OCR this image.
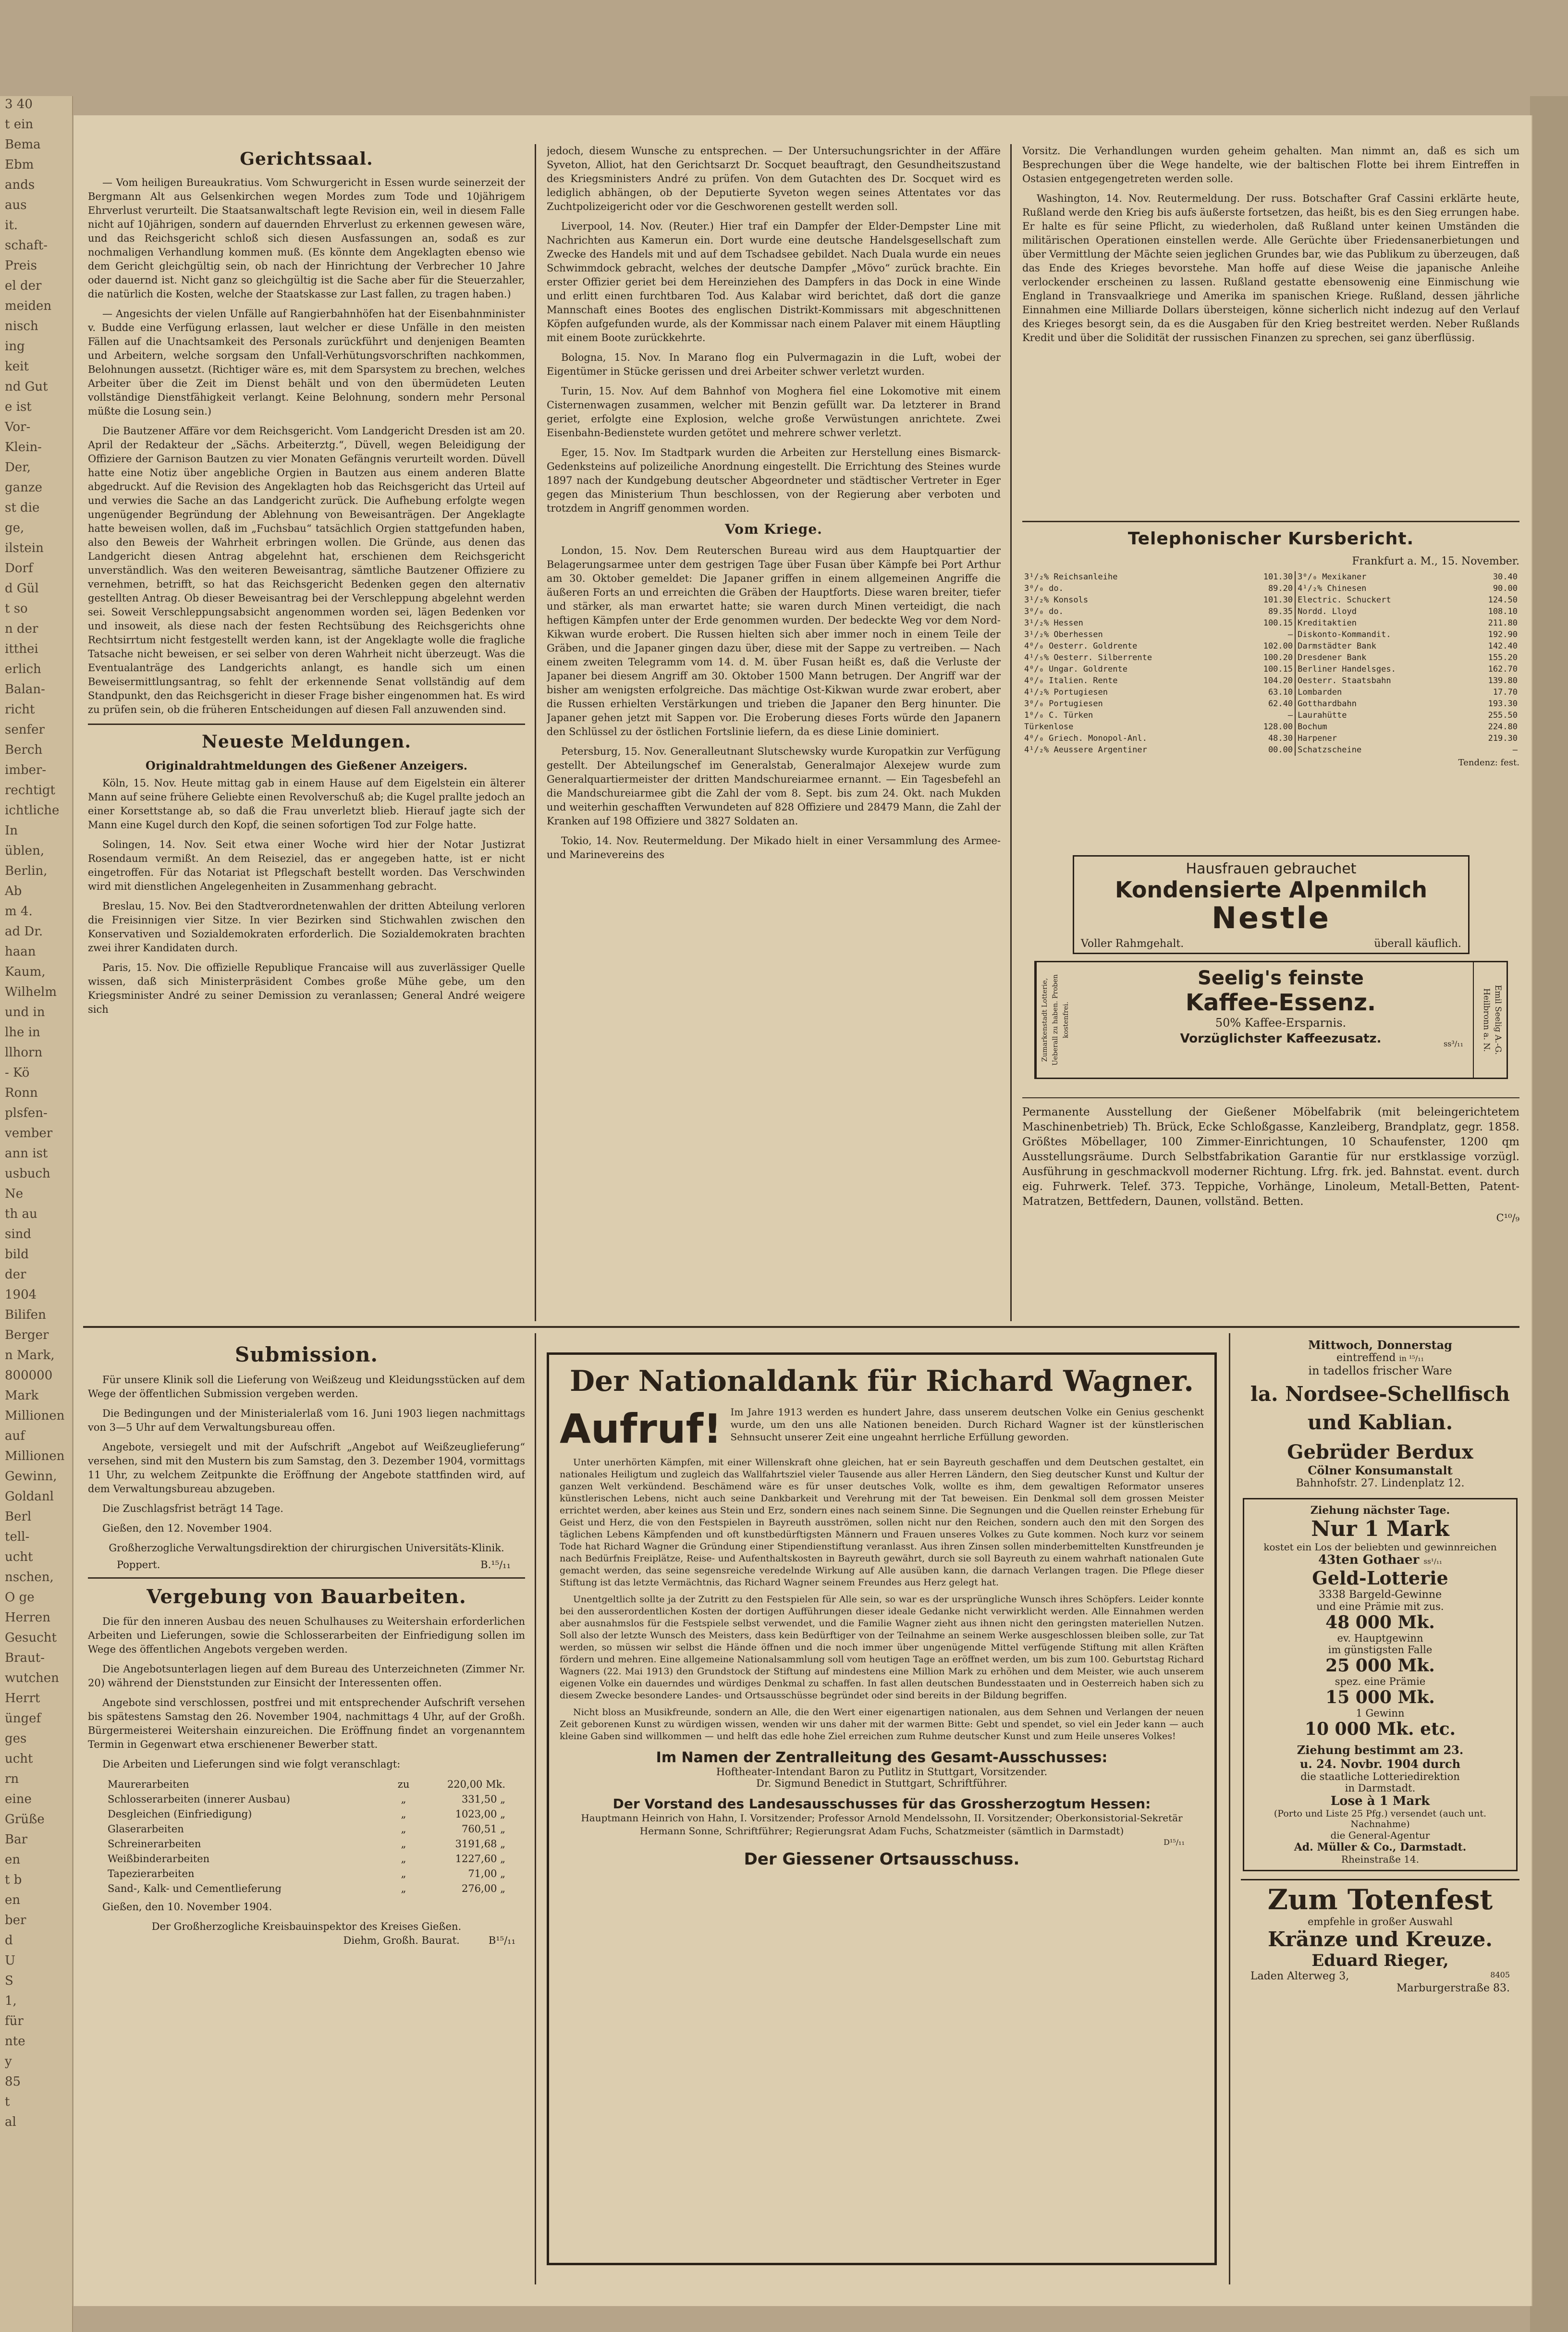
3 40

t ein

Bema

Ebm

ands

aus

it.

schaft-

Preis

el der

meiden

nisch

ing

keit

nd Gut

e ist

Vor-

Klein-

Der,

ganze

st die

ge,

ilstein

Dorf

d Gül

t so

n der

itthei

erlich

Balan-

richt

senfer

Berch

imber-

rechtigt

ichtliche

In

üblen,

Berlin,

Ab

m 4.

ad Dr.

haan

Kaum,

Wilhelm

und in

lhe in

llhorn

- Kö

Ronn

plsfen-

vember

ann ist

usbuch

Ne

th au

sind

bild

der

1904

Bilifen

Berger

n Mark,

800000

Mark

Millionen

auf

Millionen

Gewinn,

Goldanl

Berl

tell-

ucht

nschen,

O ge

Herren

Gesucht

Braut-

wutchen

Herrt

üngef

ges

ucht

rn

eine

Grüße

Bar

en

t b

en

ber

d

U

S

1,

für

nte

y

85

t

al

Gerichtssaal.

— Vom heiligen Bureaukratius. Vom Schwurgericht in Essen wurde seinerzeit der Bergmann Alt aus Gelsenkirchen wegen Mordes zum Tode und 10jährigem Ehrverlust verurteilt. Die Staatsanwaltschaft legte Revision ein, weil in diesem Falle nicht auf 10jährigen, sondern auf dauernden Ehrverlust zu erkennen gewesen wäre, und das Reichsgericht schloß sich diesen Ausfassungen an, sodaß es zur nochmaligen Verhandlung kommen muß. (Es könnte dem Angeklagten ebenso wie dem Gericht gleichgültig sein, ob nach der Hinrichtung der Verbrecher 10 Jahre oder dauernd ist. Nicht ganz so gleichgültig ist die Sache aber für die Steuerzahler, die natürlich die Kosten, welche der Staatskasse zur Last fallen, zu tragen haben.)

— Angesichts der vielen Unfälle auf Rangierbahnhöfen hat der Eisenbahnminister v. Budde eine Verfügung erlassen, laut welcher er diese Unfälle in den meisten Fällen auf die Unachtsamkeit des Personals zurückführt und denjenigen Beamten und Arbeitern, welche sorgsam den Unfall-Verhütungsvorschriften nachkommen, Belohnungen aussetzt. (Richtiger wäre es, mit dem Sparsystem zu brechen, welches Arbeiter über die Zeit im Dienst behält und von den übermüdeten Leuten vollständige Dienstfähigkeit verlangt. Keine Belohnung, sondern mehr Personal müßte die Losung sein.)

Die Bautzener Affäre vor dem Reichsgericht. Vom Landgericht Dresden ist am 20. April der Redakteur der „Sächs. Arbeiterztg.“, Düvell, wegen Beleidigung der Offiziere der Garnison Bautzen zu vier Monaten Gefängnis verurteilt worden. Düvell hatte eine Notiz über angebliche Orgien in Bautzen aus einem anderen Blatte abgedruckt. Auf die Revision des Angeklagten hob das Reichsgericht das Urteil auf und verwies die Sache an das Landgericht zurück. Die Aufhebung erfolgte wegen ungenügender Begründung der Ablehnung von Beweisanträgen. Der Angeklagte hatte beweisen wollen, daß im „Fuchsbau“ tatsächlich Orgien stattgefunden haben, also den Beweis der Wahrheit erbringen wollen. Die Gründe, aus denen das Landgericht diesen Antrag abgelehnt hat, erschienen dem Reichsgericht unverständlich. Was den weiteren Beweisantrag, sämtliche Bautzener Offiziere zu vernehmen, betrifft, so hat das Reichsgericht Bedenken gegen den alternativ gestellten Antrag. Ob dieser Beweisantrag bei der Verschleppung abgelehnt werden sei. Soweit Verschleppungsabsicht angenommen worden sei, lägen Bedenken vor und insoweit, als diese nach der festen Rechtsübung des Reichsgerichts ohne Rechtsirrtum nicht festgestellt werden kann, ist der Angeklagte wolle die fragliche Tatsache nicht beweisen, er sei selber von deren Wahrheit nicht überzeugt. Was die Eventualanträge des Landgerichts anlangt, es handle sich um einen Beweisermittlungsantrag, so fehlt der erkennende Senat vollständig auf dem Standpunkt, den das Reichsgericht in dieser Frage bisher eingenommen hat. Es wird zu prüfen sein, ob die früheren Entscheidungen auf diesen Fall anzuwenden sind.

Neueste Meldungen.
Originaldrahtmeldungen des Gießener Anzeigers.

Köln, 15. Nov. Heute mittag gab in einem Hause auf dem Eigelstein ein älterer Mann auf seine frühere Geliebte einen Revolverschuß ab; die Kugel prallte jedoch an einer Korsettstange ab, so daß die Frau unverletzt blieb. Hierauf jagte sich der Mann eine Kugel durch den Kopf, die seinen sofortigen Tod zur Folge hatte.

Solingen, 14. Nov. Seit etwa einer Woche wird hier der Notar Justizrat Rosendaum vermißt. An dem Reiseziel, das er angegeben hatte, ist er nicht eingetroffen. Für das Notariat ist Pflegschaft bestellt worden. Das Verschwinden wird mit dienstlichen Angelegenheiten in Zusammenhang gebracht.

Breslau, 15. Nov. Bei den Stadtverordnetenwahlen der dritten Abteilung verloren die Freisinnigen vier Sitze. In vier Bezirken sind Stichwahlen zwischen den Konservativen und Sozialdemokraten erforderlich. Die Sozialdemokraten brachten zwei ihrer Kandidaten durch.

Paris, 15. Nov. Die offizielle Republique Francaise will aus zuverlässiger Quelle wissen, daß sich Ministerpräsident Combes große Mühe gebe, um den Kriegsminister André zu seiner Demission zu veranlassen; General André weigere sich

jedoch, diesem Wunsche zu entsprechen. — Der Untersuchungsrichter in der Affäre Syveton, Alliot, hat den Gerichtsarzt Dr. Socquet beauftragt, den Gesundheitszustand des Kriegsministers André zu prüfen. Von dem Gutachten des Dr. Socquet wird es lediglich abhängen, ob der Deputierte Syveton wegen seines Attentates vor das Zuchtpolizeigericht oder vor die Geschworenen gestellt werden soll.

Liverpool, 14. Nov. (Reuter.) Hier traf ein Dampfer der Elder-Dempster Line mit Nachrichten aus Kamerun ein. Dort wurde eine deutsche Handelsgesellschaft zum Zwecke des Handels mit und auf dem Tschadsee gebildet. Nach Duala wurde ein neues Schwimmdock gebracht, welches der deutsche Dampfer „Mövo“ zurück brachte. Ein erster Offizier geriet bei dem Hereinziehen des Dampfers in das Dock in eine Winde und erlitt einen furchtbaren Tod. Aus Kalabar wird berichtet, daß dort die ganze Mannschaft eines Bootes des englischen Distrikt-Kommissars mit abgeschnittenen Köpfen aufgefunden wurde, als der Kommissar nach einem Palaver mit einem Häuptling mit einem Boote zurückkehrte.

Bologna, 15. Nov. In Marano flog ein Pulvermagazin in die Luft, wobei der Eigentümer in Stücke gerissen und drei Arbeiter schwer verletzt wurden.

Turin, 15. Nov. Auf dem Bahnhof von Moghera fiel eine Lokomotive mit einem Cisternenwagen zusammen, welcher mit Benzin gefüllt war. Da letzterer in Brand geriet, erfolgte eine Explosion, welche große Verwüstungen anrichtete. Zwei Eisenbahn-Bedienstete wurden getötet und mehrere schwer verletzt.

Eger, 15. Nov. Im Stadtpark wurden die Arbeiten zur Herstellung eines Bismarck-Gedenksteins auf polizeiliche Anordnung eingestellt. Die Errichtung des Steines wurde 1897 nach der Kundgebung deutscher Abgeordneter und städtischer Vertreter in Eger gegen das Ministerium Thun beschlossen, von der Regierung aber verboten und trotzdem in Angriff genommen worden.

Vom Kriege.

London, 15. Nov. Dem Reuterschen Bureau wird aus dem Hauptquartier der Belagerungsarmee unter dem gestrigen Tage über Fusan über Kämpfe bei Port Arthur am 30. Oktober gemeldet: Die Japaner griffen in einem allgemeinen Angriffe die äußeren Forts an und erreichten die Gräben der Hauptforts. Diese waren breiter, tiefer und stärker, als man erwartet hatte; sie waren durch Minen verteidigt, die nach heftigen Kämpfen unter der Erde genommen wurden. Der bedeckte Weg vor dem Nord-Kikwan wurde erobert. Die Russen hielten sich aber immer noch in einem Teile der Gräben, und die Japaner gingen dazu über, diese mit der Sappe zu vertreiben. — Nach einem zweiten Telegramm vom 14. d. M. über Fusan heißt es, daß die Verluste der Japaner bei diesem Angriff am 30. Oktober 1500 Mann betrugen. Der Angriff war der bisher am wenigsten erfolgreiche. Das mächtige Ost-Kikwan wurde zwar erobert, aber die Russen erhielten Verstärkungen und trieben die Japaner den Berg hinunter. Die Japaner gehen jetzt mit Sappen vor. Die Eroberung dieses Forts würde den Japanern den Schlüssel zu der östlichen Fortslinie liefern, da es diese Linie dominiert.

Petersburg, 15. Nov. Generalleutnant Slutschewsky wurde Kuropatkin zur Verfügung gestellt. Der Abteilungschef im Generalstab, Generalmajor Alexejew wurde zum Generalquartiermeister der dritten Mandschureiarmee ernannt. — Ein Tagesbefehl an die Mandschureiarmee gibt die Zahl der vom 8. Sept. bis zum 24. Okt. nach Mukden und weiterhin geschafften Verwundeten auf 828 Offiziere und 28479 Mann, die Zahl der Kranken auf 198 Offiziere und 3827 Soldaten an.

Tokio, 14. Nov. Reutermeldung. Der Mikado hielt in einer Versammlung des Armee- und Marinevereins des

Vorsitz. Die Verhandlungen wurden geheim gehalten. Man nimmt an, daß es sich um Besprechungen über die Wege handelte, wie der baltischen Flotte bei ihrem Eintreffen in Ostasien entgegengetreten werden solle.

Washington, 14. Nov. Reutermeldung. Der russ. Botschafter Graf Cassini erklärte heute, Rußland werde den Krieg bis aufs äußerste fortsetzen, das heißt, bis es den Sieg errungen habe. Er halte es für seine Pflicht, zu wiederholen, daß Rußland unter keinen Umständen die militärischen Operationen einstellen werde. Alle Gerüchte über Friedensanerbietungen und über Vermittlung der Mächte seien jeglichen Grundes bar, wie das Publikum zu überzeugen, daß das Ende des Krieges bevorstehe. Man hoffe auf diese Weise die japanische Anleihe verlockender erscheinen zu lassen. Rußland gestatte ebensowenig eine Einmischung wie England in Transvaalkriege und Amerika im spanischen Kriege. Rußland, dessen jährliche Einnahmen eine Milliarde Dollars übersteigen, könne sicherlich nicht indezug auf den Verlauf des Krieges besorgt sein, da es die Ausgaben für den Krieg bestreitet werden. Neber Rußlands Kredit und über die Solidität der russischen Finanzen zu sprechen, sei ganz überflüssig.

Telephonischer Kursbericht.
Frankfurt a. M., 15. November.
3¹/₂% Reichsanleihe	101.30	3⁰/₀ Mexikaner	30.40
3⁰/₀ do.	89.20	4¹/₂% Chinesen	90.00
3¹/₂% Konsols	101.30	Electric. Schuckert	124.50
3⁰/₀ do.	89.35	Nordd. Lloyd	108.10
3¹/₂% Hessen	100.15	Kreditaktien	211.80
3¹/₂% Oberhessen	—	Diskonto-Kommandit.	192.90
4⁰/₀ Oesterr. Goldrente	102.00	Darmstädter Bank	142.40
4¹/₅% Oesterr. Silberrente	100.20	Dresdener Bank	155.20
4⁰/₀ Ungar. Goldrente	100.15	Berliner Handelsges.	162.70
4⁰/₀ Italien. Rente	104.20	Oesterr. Staatsbahn	139.80
4¹/₂% Portugiesen	63.10	Lombarden	17.70
3⁰/₀ Portugiesen	62.40	Gotthardbahn	193.30
1⁰/₀ C. Türken	—	Laurahütte	255.50
Türkenlose	128.00	Bochum	224.80
4⁰/₀ Griech. Monopol-Anl.	48.30	Harpener	219.30
4¹/₂% Aeussere Argentiner	00.00	Schatzscheine	—
Tendenz: fest.
Hausfrauen gebrauchet
Kondensierte Alpenmilch
Nestle
Voller Rahmgehalt.	überall käuflich.
Zumarkenstadt Lotterie, Ueberall zu haben. Proben kostenfrei.	Emil Seelig A.-G. Heilbronn a. N.
Seelig's feinste
Kaffee-Essenz.
50% Kaffee-Ersparnis.
Vorzüglichster Kaffeezusatz.	ss³/₁₁

Permanente Ausstellung der Gießener Möbelfabrik (mit beleingerichtetem Maschinenbetrieb) Th. Brück, Ecke Schloßgasse, Kanzleiberg, Brandplatz, gegr. 1858. Größtes Möbellager, 100 Zimmer-Einrichtungen, 10 Schaufenster, 1200 qm Ausstellungsräume. Durch Selbstfabrikation Garantie für nur erstklassige vorzügl. Ausführung in geschmackvoll moderner Richtung. Lfrg. frk. jed. Bahnstat. event. durch eig. Fuhrwerk. Telef. 373. Teppiche, Vorhänge, Linoleum, Metall-Betten, Patent-Matratzen, Bettfedern, Daunen, vollständ. Betten.

C¹⁰/₉
Submission.

Für unsere Klinik soll die Lieferung von Weißzeug und Kleidungsstücken auf dem Wege der öffentlichen Submission vergeben werden.

Die Bedingungen und der Ministerialerlaß vom 16. Juni 1903 liegen nachmittags von 3—5 Uhr auf dem Verwaltungsbureau offen.

Angebote, versiegelt und mit der Aufschrift „Angebot auf Weißzeuglieferung“ versehen, sind mit den Mustern bis zum Samstag, den 3. Dezember 1904, vormittags 11 Uhr, zu welchem Zeitpunkte die Eröffnung der Angebote stattfinden wird, auf dem Verwaltungsbureau abzugeben.

Die Zuschlagsfrist beträgt 14 Tage.

Gießen, den 12. November 1904.

Großherzogliche Verwaltungsdirektion der chirurgischen Universitäts-Klinik.

Poppert.	B.¹⁵/₁₁
Vergebung von Bauarbeiten.

Die für den inneren Ausbau des neuen Schulhauses zu Weitershain erforderlichen Arbeiten und Lieferungen, sowie die Schlosserarbeiten der Einfriedigung sollen im Wege des öffentlichen Angebots vergeben werden.

Die Angebotsunterlagen liegen auf dem Bureau des Unterzeichneten (Zimmer Nr. 20) während der Dienststunden zur Einsicht der Interessenten offen.

Angebote sind verschlossen, postfrei und mit entsprechender Aufschrift versehen bis spätestens Samstag den 26. November 1904, nachmittags 4 Uhr, auf der Großh. Bürgermeisterei Weitershain einzureichen. Die Eröffnung findet an vorgenanntem Termin in Gegenwart etwa erschienener Bewerber statt.

Die Arbeiten und Lieferungen sind wie folgt veranschlagt:

Maurerarbeiten	zu	220,00 Mk.
Schlosserarbeiten (innerer Ausbau)	„	331,50 „
Desgleichen (Einfriedigung)	„	1023,00 „
Glaserarbeiten	„	760,51 „
Schreinerarbeiten	„	3191,68 „
Weißbinderarbeiten	„	1227,60 „
Tapezierarbeiten	„	71,00 „
Sand-, Kalk- und Cementlieferung	„	276,00 „

Gießen, den 10. November 1904.

Der Großherzogliche Kreisbauinspektor des Kreises Gießen.

Diehm, Großh. Baurat.	B¹⁵/₁₁
Der Nationaldank für Richard Wagner.
Aufruf! Im Jahre 1913 werden es hundert Jahre, dass unserem deutschen Volke ein Genius geschenkt wurde, um den uns alle Nationen beneiden. Durch Richard Wagner ist der künstlerischen Sehnsucht unserer Zeit eine ungeahnt herrliche Erfüllung geworden.

Unter unerhörten Kämpfen, mit einer Willenskraft ohne gleichen, hat er sein Bayreuth geschaffen und dem Deutschen gestaltet, ein nationales Heiligtum und zugleich das Wallfahrtsziel vieler Tausende aus aller Herren Ländern, den Sieg deutscher Kunst und Kultur der ganzen Welt verkündend. Beschämend wäre es für unser deutsches Volk, wollte es ihm, dem gewaltigen Reformator unseres künstlerischen Lebens, nicht auch seine Dankbarkeit und Verehrung mit der Tat beweisen. Ein Denkmal soll dem grossen Meister errichtet werden, aber keines aus Stein und Erz, sondern eines nach seinem Sinne. Die Segnungen und die Quellen reinster Erhebung für Geist und Herz, die von den Festspielen in Bayreuth ausströmen, sollen nicht nur den Reichen, sondern auch den mit den Sorgen des täglichen Lebens Kämpfenden und oft kunstbedürftigsten Männern und Frauen unseres Volkes zu Gute kommen. Noch kurz vor seinem Tode hat Richard Wagner die Gründung einer Stipendienstiftung veranlasst. Aus ihren Zinsen sollen minderbemittelten Kunstfreunden je nach Bedürfnis Freiplätze, Reise- und Aufenthaltskosten in Bayreuth gewährt, durch sie soll Bayreuth zu einem wahrhaft nationalen Gute gemacht werden, das seine segensreiche veredelnde Wirkung auf Alle ausüben kann, die darnach Verlangen tragen. Die Pflege dieser Stiftung ist das letzte Vermächtnis, das Richard Wagner seinem Freundes aus Herz gelegt hat.

Unentgeltlich sollte ja der Zutritt zu den Festspielen für Alle sein, so war es der ursprüngliche Wunsch ihres Schöpfers. Leider konnte bei den ausserordentlichen Kosten der dortigen Aufführungen dieser ideale Gedanke nicht verwirklicht werden. Alle Einnahmen werden aber ausnahmslos für die Festspiele selbst verwendet, und die Familie Wagner zieht aus ihnen nicht den geringsten materiellen Nutzen. Soll also der letzte Wunsch des Meisters, dass kein Bedürftiger von der Teilnahme an seinem Werke ausgeschlossen bleiben solle, zur Tat werden, so müssen wir selbst die Hände öffnen und die noch immer über ungenügende Mittel verfügende Stiftung mit allen Kräften fördern und mehren. Eine allgemeine Nationalsammlung soll vom heutigen Tage an eröffnet werden, um bis zum 100. Geburtstag Richard Wagners (22. Mai 1913) den Grundstock der Stiftung auf mindestens eine Million Mark zu erhöhen und dem Meister, wie auch unserem eigenen Volke ein dauerndes und würdiges Denkmal zu schaffen. In fast allen deutschen Bundesstaaten und in Oesterreich haben sich zu diesem Zwecke besondere Landes- und Ortsausschüsse begründet oder sind bereits in der Bildung begriffen.

Nicht bloss an Musikfreunde, sondern an Alle, die den Wert einer eigenartigen nationalen, aus dem Sehnen und Verlangen der neuen Zeit geborenen Kunst zu würdigen wissen, wenden wir uns daher mit der warmen Bitte: Gebt und spendet, so viel ein Jeder kann — auch kleine Gaben sind willkommen — und helft das edle hohe Ziel erreichen zum Ruhme deutscher Kunst und zum Heile unseres Volkes!

Im Namen der Zentralleitung des Gesamt-Ausschusses:
Hoftheater-Intendant Baron zu Putlitz in Stuttgart, Vorsitzender.
Dr. Sigmund Benedict in Stuttgart, Schriftführer.
Der Vorstand des Landesausschusses für das Grossherzogtum Hessen:
Hauptmann Heinrich von Hahn, I. Vorsitzender; Professor Arnold Mendelssohn, II. Vorsitzender; Oberkonsistorial-Sekretär Hermann Sonne, Schriftführer; Regierungsrat Adam Fuchs, Schatzmeister (sämtlich in Darmstadt)
D¹⁵/₁₁
Der Giessener Ortsausschuss.
Mittwoch, Donnerstag
eintreffend in ¹⁵/₁₁
in tadellos frischer Ware
la. Nordsee-Schellfisch
und Kablian.
Gebrüder Berdux
Cölner Konsumanstalt
Bahnhofstr. 27. Lindenplatz 12.
Ziehung nächster Tage.
Nur 1 Mark
kostet ein Los der beliebten und gewinnreichen
43ten Gothaer ss¹/₁₁
Geld-Lotterie
3338 Bargeld-Gewinne
und eine Prämie mit zus.
48 000 Mk.
ev. Hauptgewinn
im günstigsten Falle
25 000 Mk.
spez. eine Prämie
15 000 Mk.
1 Gewinn
10 000 Mk. etc.
Ziehung bestimmt am 23.
u. 24. Novbr. 1904 durch
die staatliche Lotteriedirektion
in Darmstadt.
Lose à 1 Mark
(Porto und Liste 25 Pfg.) versendet (auch unt. Nachnahme)
die General-Agentur
Ad. Müller & Co., Darmstadt.
Rheinstraße 14.
Zum Totenfest
empfehle in großer Auswahl
Kränze und Kreuze.
Eduard Rieger,
Laden Alterweg 3,	8405
Marburgerstraße 83.
